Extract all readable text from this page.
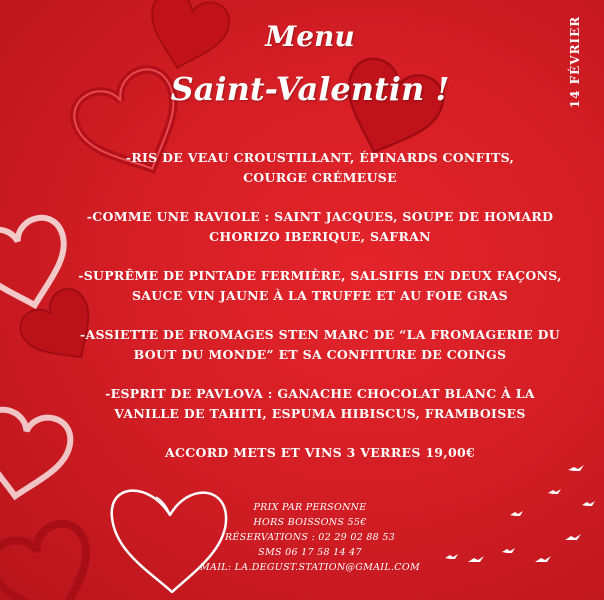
Menu
Saint-Valentin !	14 FÉVRIER
-RIS DE VEAU CROUSTILLANT, ÉPINARDS CONFITS,
COURGE CRÉMEUSE
-COMME UNE RAVIOLE : SAINT JACQUES, SOUPE DE HOMARD
CHORIZO IBERIQUE, SAFRAN
-SUPRÊME DE PINTADE FERMIÈRE, SALSIFIS EN DEUX FAÇONS,
SAUCE VIN JAUNE À LA TRUFFE ET AU FOIE GRAS
-ASSIETTE DE FROMAGES STEN MARC DE “LA FROMAGERIE DU
BOUT DU MONDE” ET SA CONFITURE DE COINGS
-ESPRIT DE PAVLOVA : GANACHE CHOCOLAT BLANC À LA
VANILLE DE TAHITI, ESPUMA HIBISCUS, FRAMBOISES
ACCORD METS ET VINS 3 VERRES 19,00€
PRIX PAR PERSONNE
HORS BOISSONS 55€
RÉSERVATIONS : 02 29 02 88 53
SMS 06 17 58 14 47
MAIL: LA.DEGUST.STATION@GMAIL.COM
